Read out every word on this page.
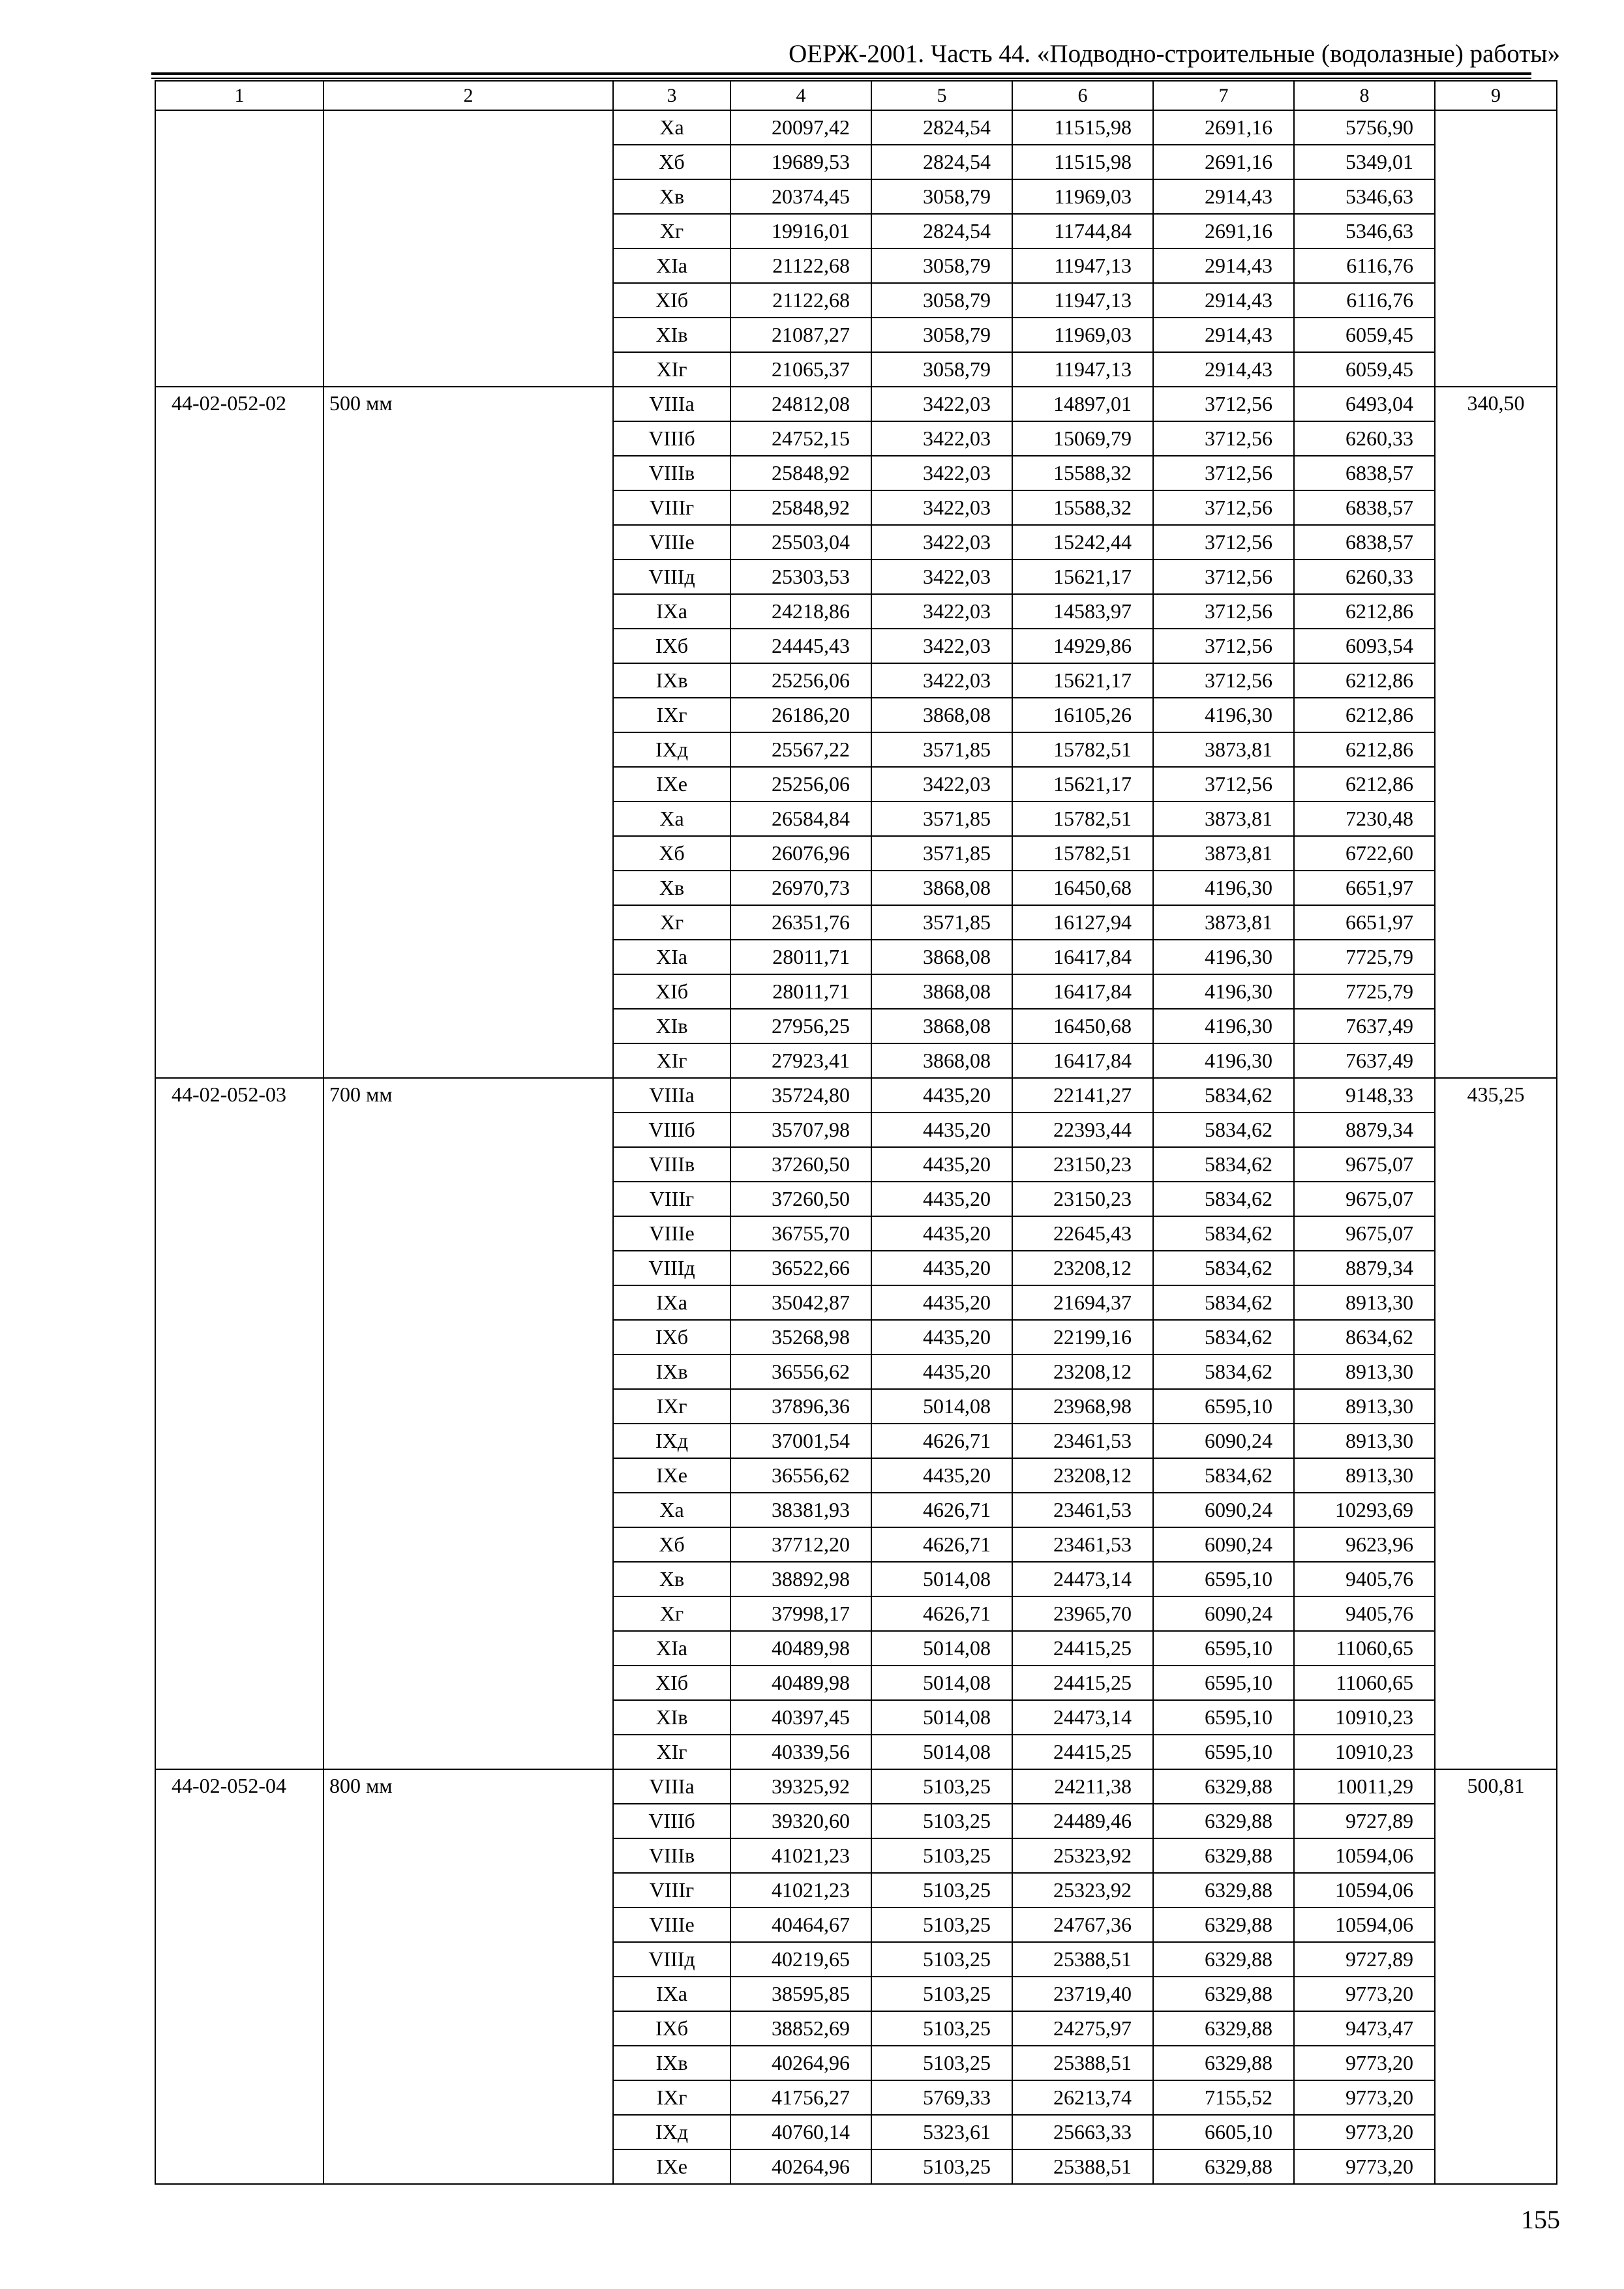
ОЕРЖ-2001. Часть 44. «Подводно-строительные (водолазные) работы»
1	2	3	4	5	6	7	8	9
		Xа	20097,42	2824,54	11515,98	2691,16	5756,90	
		Xб	19689,53	2824,54	11515,98	2691,16	5349,01	
		Xв	20374,45	3058,79	11969,03	2914,43	5346,63	
		Xг	19916,01	2824,54	11744,84	2691,16	5346,63	
		XIа	21122,68	3058,79	11947,13	2914,43	6116,76	
		XIб	21122,68	3058,79	11947,13	2914,43	6116,76	
		XIв	21087,27	3058,79	11969,03	2914,43	6059,45	
		XIг	21065,37	3058,79	11947,13	2914,43	6059,45	
44-02-052-02	500 мм	VIIIа	24812,08	3422,03	14897,01	3712,56	6493,04	340,50
		VIIIб	24752,15	3422,03	15069,79	3712,56	6260,33	
		VIIIв	25848,92	3422,03	15588,32	3712,56	6838,57	
		VIIIг	25848,92	3422,03	15588,32	3712,56	6838,57	
		VIIIе	25503,04	3422,03	15242,44	3712,56	6838,57	
		VIIIд	25303,53	3422,03	15621,17	3712,56	6260,33	
		IXа	24218,86	3422,03	14583,97	3712,56	6212,86	
		IXб	24445,43	3422,03	14929,86	3712,56	6093,54	
		IXв	25256,06	3422,03	15621,17	3712,56	6212,86	
		IXг	26186,20	3868,08	16105,26	4196,30	6212,86	
		IXд	25567,22	3571,85	15782,51	3873,81	6212,86	
		IXе	25256,06	3422,03	15621,17	3712,56	6212,86	
		Xа	26584,84	3571,85	15782,51	3873,81	7230,48	
		Xб	26076,96	3571,85	15782,51	3873,81	6722,60	
		Xв	26970,73	3868,08	16450,68	4196,30	6651,97	
		Xг	26351,76	3571,85	16127,94	3873,81	6651,97	
		XIа	28011,71	3868,08	16417,84	4196,30	7725,79	
		XIб	28011,71	3868,08	16417,84	4196,30	7725,79	
		XIв	27956,25	3868,08	16450,68	4196,30	7637,49	
		XIг	27923,41	3868,08	16417,84	4196,30	7637,49	
44-02-052-03	700 мм	VIIIа	35724,80	4435,20	22141,27	5834,62	9148,33	435,25
		VIIIб	35707,98	4435,20	22393,44	5834,62	8879,34	
		VIIIв	37260,50	4435,20	23150,23	5834,62	9675,07	
		VIIIг	37260,50	4435,20	23150,23	5834,62	9675,07	
		VIIIе	36755,70	4435,20	22645,43	5834,62	9675,07	
		VIIIд	36522,66	4435,20	23208,12	5834,62	8879,34	
		IXа	35042,87	4435,20	21694,37	5834,62	8913,30	
		IXб	35268,98	4435,20	22199,16	5834,62	8634,62	
		IXв	36556,62	4435,20	23208,12	5834,62	8913,30	
		IXг	37896,36	5014,08	23968,98	6595,10	8913,30	
		IXд	37001,54	4626,71	23461,53	6090,24	8913,30	
		IXе	36556,62	4435,20	23208,12	5834,62	8913,30	
		Xа	38381,93	4626,71	23461,53	6090,24	10293,69	
		Xб	37712,20	4626,71	23461,53	6090,24	9623,96	
		Xв	38892,98	5014,08	24473,14	6595,10	9405,76	
		Xг	37998,17	4626,71	23965,70	6090,24	9405,76	
		XIа	40489,98	5014,08	24415,25	6595,10	11060,65	
		XIб	40489,98	5014,08	24415,25	6595,10	11060,65	
		XIв	40397,45	5014,08	24473,14	6595,10	10910,23	
		XIг	40339,56	5014,08	24415,25	6595,10	10910,23	
44-02-052-04	800 мм	VIIIа	39325,92	5103,25	24211,38	6329,88	10011,29	500,81
		VIIIб	39320,60	5103,25	24489,46	6329,88	9727,89	
		VIIIв	41021,23	5103,25	25323,92	6329,88	10594,06	
		VIIIг	41021,23	5103,25	25323,92	6329,88	10594,06	
		VIIIе	40464,67	5103,25	24767,36	6329,88	10594,06	
		VIIIд	40219,65	5103,25	25388,51	6329,88	9727,89	
		IXа	38595,85	5103,25	23719,40	6329,88	9773,20	
		IXб	38852,69	5103,25	24275,97	6329,88	9473,47	
		IXв	40264,96	5103,25	25388,51	6329,88	9773,20	
		IXг	41756,27	5769,33	26213,74	7155,52	9773,20	
		IXд	40760,14	5323,61	25663,33	6605,10	9773,20	
		IXе	40264,96	5103,25	25388,51	6329,88	9773,20	
155
